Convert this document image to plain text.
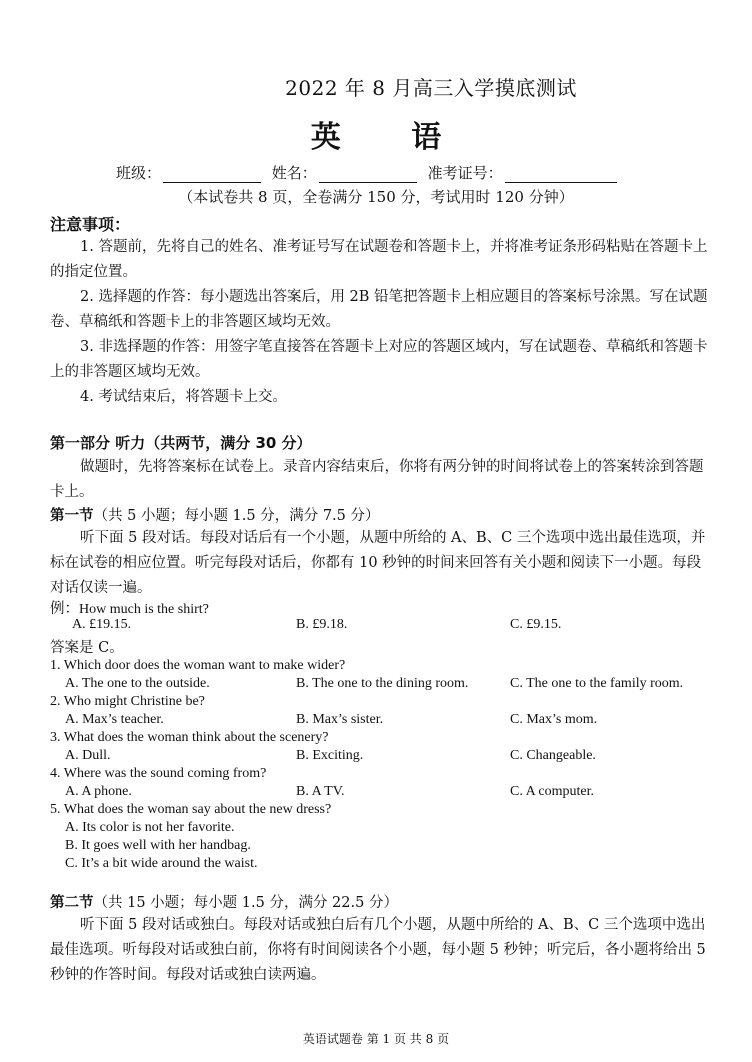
2022 年 8 月高三入学摸底测试
英 语
班级：	姓名：	准考证号：
（本试卷共 8 页，全卷满分 150 分，考试用时 120 分钟）
注意事项：
1. 答题前，先将自己的姓名、准考证号写在试题卷和答题卡上，并将准考证条形码粘贴在答题卡上的指定位置。
2. 选择题的作答：每小题选出答案后，用 2B 铅笔把答题卡上相应题目的答案标号涂黑。写在试题卷、草稿纸和答题卡上的非答题区域均无效。
3. 非选择题的作答：用签字笔直接答在答题卡上对应的答题区域内，写在试题卷、草稿纸和答题卡上的非答题区域均无效。
4. 考试结束后，将答题卡上交。
第一部分 听力（共两节，满分 30 分）
做题时，先将答案标在试卷上。录音内容结束后，你将有两分钟的时间将试卷上的答案转涂到答题卡上。
第一节（共 5 小题；每小题 1.5 分，满分 7.5 分）
听下面 5 段对话。每段对话后有一个小题，从题中所给的 A、B、C 三个选项中选出最佳选项，并标在试卷的相应位置。听完每段对话后，你都有 10 秒钟的时间来回答有关小题和阅读下一小题。每段对话仅读一遍。
例：How much is the shirt?
A. £19.15.	B. £9.18.	C. £9.15.
答案是 C。
1. Which door does the woman want to make wider?
A. The one to the outside.	B. The one to the dining room.	C. The one to the family room.
2. Who might Christine be?
A. Max’s teacher.	B. Max’s sister.	C. Max’s mom.
3. What does the woman think about the scenery?
A. Dull.	B. Exciting.	C. Changeable.
4. Where was the sound coming from?
A. A phone.	B. A TV.	C. A computer.
5. What does the woman say about the new dress?
A. Its color is not her favorite.
B. It goes well with her handbag.
C. It’s a bit wide around the waist.
第二节（共 15 小题；每小题 1.5 分，满分 22.5 分）
听下面 5 段对话或独白。每段对话或独白后有几个小题，从题中所给的 A、B、C 三个选项中选出最佳选项。听每段对话或独白前，你将有时间阅读各个小题，每小题 5 秒钟；听完后，各小题将给出 5 秒钟的作答时间。每段对话或独白读两遍。
英语试题卷 第 1 页 共 8 页
